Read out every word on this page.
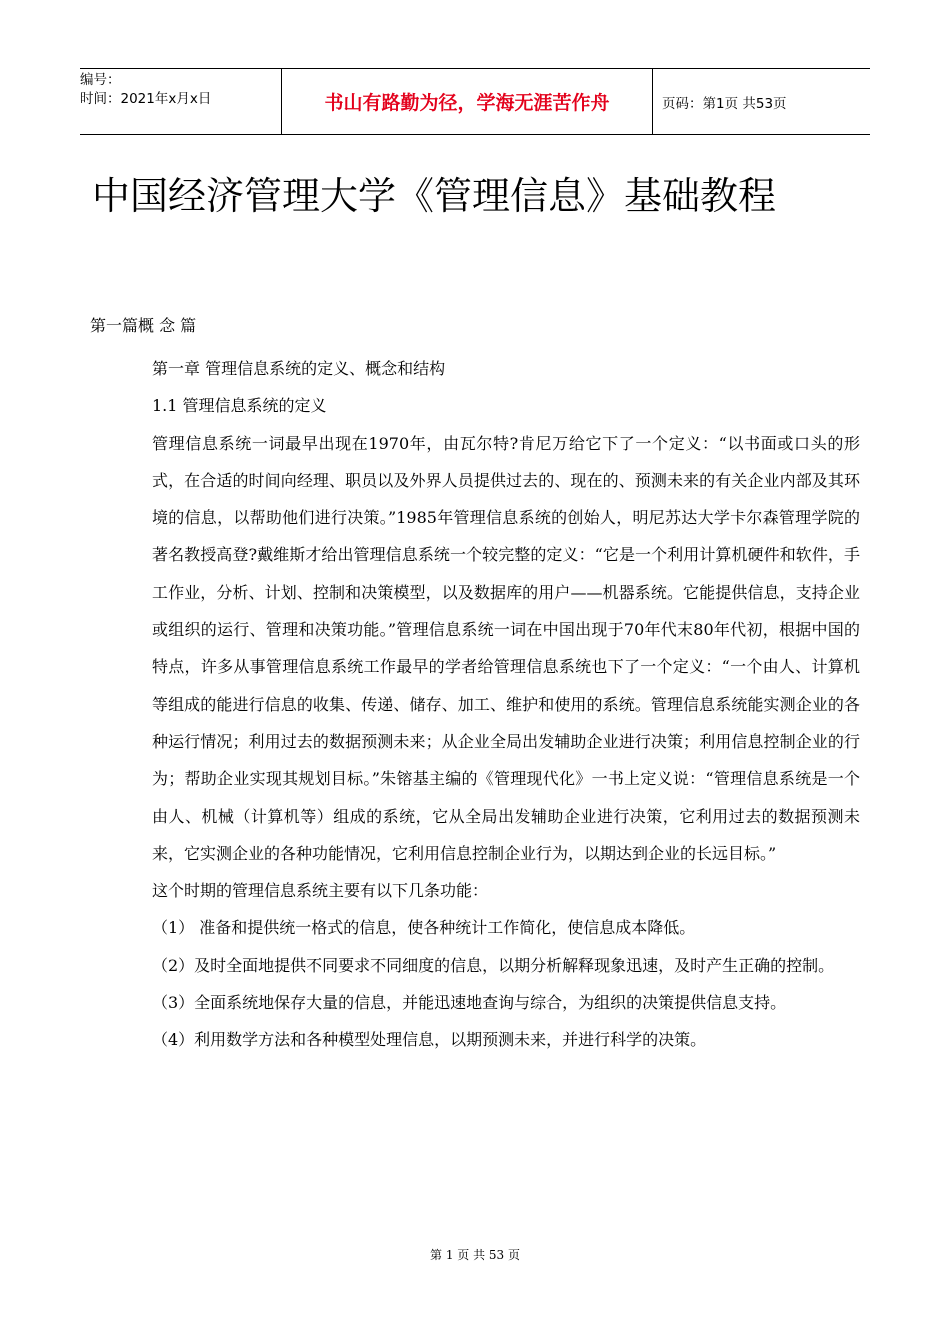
编号：
时间：2021年x月x日	书山有路勤为径，学海无涯苦作舟	页码：第1页 共53页
中国经济管理大学《管理信息》基础教程
第一篇概 念 篇

第一章 管理信息系统的定义、概念和结构

1.1 管理信息系统的定义

管理信息系统一词最早出现在1970年，由瓦尔特?肯尼万给它下了一个定义：“以书面或口头的形式，在合适的时间向经理、职员以及外界人员提供过去的、现在的、预测未来的有关企业内部及其环境的信息，以帮助他们进行决策。”1985年管理信息系统的创始人，明尼苏达大学卡尔森管理学院的著名教授高登?戴维斯才给出管理信息系统一个较完整的定义：“它是一个利用计算机硬件和软件，手工作业，分析、计划、控制和决策模型，以及数据库的用户——机器系统。它能提供信息，支持企业或组织的运行、管理和决策功能。”管理信息系统一词在中国出现于70年代末80年代初，根据中国的特点，许多从事管理信息系统工作最早的学者给管理信息系统也下了一个定义：“一个由人、计算机等组成的能进行信息的收集、传递、储存、加工、维护和使用的系统。管理信息系统能实测企业的各种运行情况；利用过去的数据预测未来；从企业全局出发辅助企业进行决策；利用信息控制企业的行为；帮助企业实现其规划目标。”朱镕基主编的《管理现代化》一书上定义说：“管理信息系统是一个由人、机械（计算机等）组成的系统，它从全局出发辅助企业进行决策，它利用过去的数据预测未来，它实测企业的各种功能情况，它利用信息控制企业行为，以期达到企业的长远目标。”

这个时期的管理信息系统主要有以下几条功能：

（1） 准备和提供统一格式的信息，使各种统计工作简化，使信息成本降低。

（2）及时全面地提供不同要求不同细度的信息，以期分析解释现象迅速，及时产生正确的控制。

（3）全面系统地保存大量的信息，并能迅速地查询与综合，为组织的决策提供信息支持。

（4）利用数学方法和各种模型处理信息，以期预测未来，并进行科学的决策。

第 1 页 共 53 页
